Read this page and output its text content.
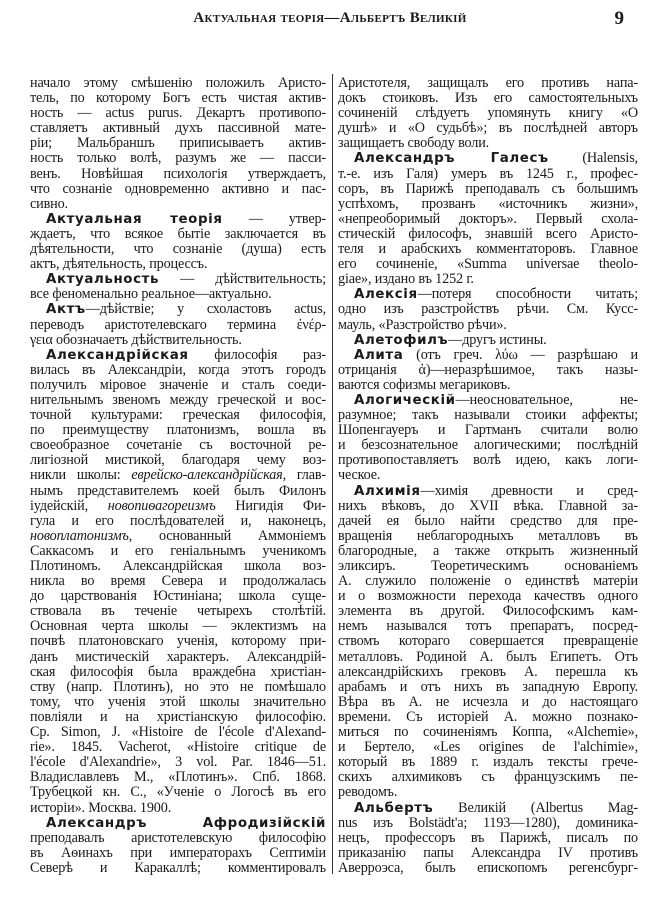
Актуальная теорія—Альбертъ Великій	9
начало этому смѣшенію положилъ Аристо-
тель, по которому Богъ есть чистая актив-
ность — actus purus. Декартъ противопо-
ставляетъ активный духъ пассивной мате-
ріи; Мальбраншъ приписываетъ актив-
ность только волѣ, разумъ же — пасси-
венъ. Новѣйшая психологія утверждаетъ,
что сознаніе одновременно активно и пас-
сивно.
Актуальная теорія — утвер-
ждаетъ, что всякое бытіе заключается въ
дѣятельности, что сознаніе (душа) есть
актъ, дѣятельность, процессъ.
Актуальность — дѣйствительность;
все феноменально реальное—актуально.
Актъ—дѣйствіе; у схоластовъ actus,
переводъ аристотелевскаго термина ἐνέρ-
γεια обозначаетъ дѣйствительность.
Александрійская философія раз-
вилась въ Александріи, когда этотъ городъ
получилъ міровое значеніе и сталъ соеди-
нительнымъ звеномъ между греческой и вос-
точной культурами: греческая философія,
по преимуществу платонизмъ, вошла въ
своеобразное сочетаніе съ восточной ре-
лигіозной мистикой, благодаря чему воз-
никли школы: еврейско-александрійская, глав-
нымъ представителемъ коей былъ Филонъ
іудейскій, новопиѳагореизмъ Нигидія Фи-
гула и его послѣдователей и, наконецъ,
новоплатонизмъ, основанный Аммоніемъ
Саккасомъ и его геніальнымъ ученикомъ
Плотиномъ. Александрійская школа воз-
никла во время Севера и продолжалась
до царствованія Юстиніана; школа суще-
ствовала въ теченіе четырехъ столѣтій.
Основная черта школы — эклектизмъ на
почвѣ платоновскаго ученія, которому при-
данъ мистическій характеръ. Александрій-
ская философія была враждебна христіан-
ству (напр. Плотинъ), но это не помѣшало
тому, что ученія этой школы значительно
повліяли и на христіанскую философію.
Ср. Simon, J. «Histoire de l'école d'Alexand-
rie». 1845. Vacherot, «Histoire critique de
l'école d'Alexandrie», 3 vol. Par. 1846—51.
Владиславлевъ М., «Плотинъ». Спб. 1868.
Трубецкой кн. С., «Ученіе о Логосѣ въ его
исторіи». Москва. 1900.
Александръ Афродизійскій
преподавалъ аристотелевскую философію
въ Аѳинахъ при императорахъ Септиміи
Северѣ и Каракаллѣ; комментировалъ
Аристотеля, защищалъ его противъ напа-
докъ стоиковъ. Изъ его самостоятельныхъ
сочиненій слѣдуетъ упомянуть книгу «О
душѣ» и «О судьбѣ»; въ послѣдней авторъ
защищаетъ свободу воли.
Александръ Галесъ (Halensis,
т.-е. изъ Галя) умеръ въ 1245 г., профес-
соръ, въ Парижѣ преподавалъ съ большимъ
успѣхомъ, прозванъ «источникъ жизни»,
«непреоборимый докторъ». Первый схола-
стическій философъ, знавшій всего Аристо-
теля и арабскихъ комментаторовъ. Главное
его сочиненіе, «Summa universae theolo-
giae», издано въ 1252 г.
Алексія—потеря способности читать;
одно изъ разстройствъ рѣчи. См. Кусс-
мауль, «Разстройство рѣчи».
Алетофилъ—другъ истины.
Алита (отъ греч. λύω — разрѣшаю и
отрицанія ἀ)—неразрѣшимое, такъ назы-
ваются софизмы мегариковъ.
Алогическій—неосновательное, не-
разумное; такъ называли стоики аффекты;
Шопенгауеръ и Гартманъ считали волю
и безсознательное алогическими; послѣдній
противопоставляетъ волѣ идею, какъ логи-
ческое.
Алхимія—химія древности и сред-
нихъ вѣковъ, до XVII вѣка. Главной за-
дачей ея было найти средство для пре-
вращенія неблагородныхъ металловъ въ
благородные, а также открыть жизненный
эликсиръ. Теоретическимъ основаніемъ
А. служило положеніе о единствѣ матеріи
и о возможности перехода качествъ одного
элемента въ другой. Философскимъ кам-
немъ назывался тотъ препаратъ, посред-
ствомъ котораго совершается превращеніе
металловъ. Родиной А. былъ Египетъ. Отъ
александрійскихъ грековъ А. перешла къ
арабамъ и отъ нихъ въ западную Европу.
Вѣра въ А. не исчезла и до настоящаго
времени. Съ исторіей А. можно познако-
миться по сочиненіямъ Коппа, «Alchemie»,
и Бертело, «Les origines de l'alchimie»,
который въ 1889 г. издалъ тексты грече-
скихъ алхимиковъ съ французскимъ пе-
реводомъ.
Альбертъ Великій (Albertus Mag-
nus изъ Bolstädt'a; 1193—1280), доминика-
нецъ, профессоръ въ Парижѣ, писалъ по
приказанію папы Александра IV противъ
Аверроэса, былъ епископомъ регенсбург-
